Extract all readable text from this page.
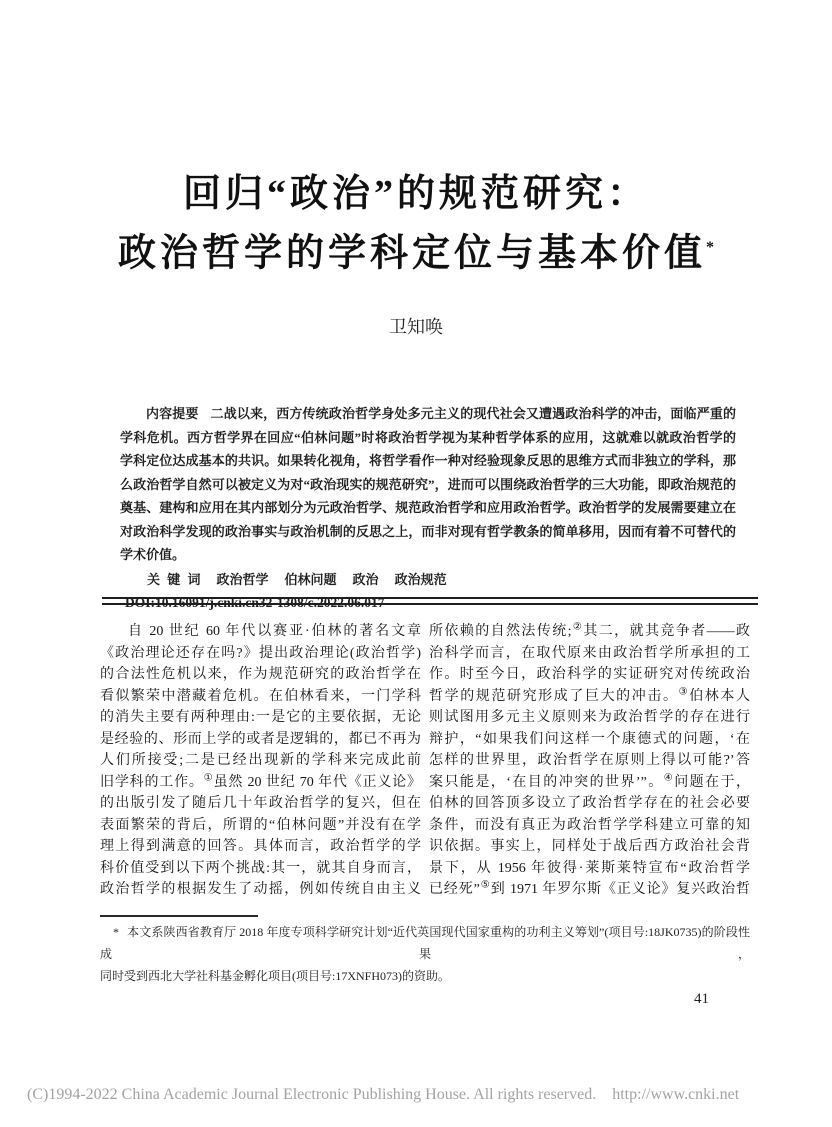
回归“政治”的规范研究：
政治哲学的学科定位与基本价值*
卫知唤
内容提要 二战以来，西方传统政治哲学身处多元主义的现代社会又遭遇政治科学的冲击，面临严重的
学科危机。西方哲学界在回应“伯林问题”时将政治哲学视为某种哲学体系的应用，这就难以就政治哲学的
学科定位达成基本的共识。如果转化视角，将哲学看作一种对经验现象反思的思维方式而非独立的学科，那
么政治哲学自然可以被定义为对“政治现实的规范研究”，进而可以围绕政治哲学的三大功能，即政治规范的
奠基、建构和应用在其内部划分为元政治哲学、规范政治哲学和应用政治哲学。政治哲学的发展需要建立在
对政治科学发现的政治事实与政治机制的反思之上，而非对现有哲学教条的简单移用，因而有着不可替代的
学术价值。
关 键 词 政治哲学 伯林问题 政治 政治规范
DOI:10.16091/j.cnki.cn32-1308/c.2022.06.017
自 20 世纪 60 年代以赛亚·伯林的著名文章
《政治理论还存在吗?》提出政治理论(政治哲学)
的合法性危机以来，作为规范研究的政治哲学在
看似繁荣中潜藏着危机。在伯林看来，一门学科
的消失主要有两种理由:一是它的主要依据，无论
是经验的、形而上学的或者是逻辑的，都已不再为
人们所接受;二是已经出现新的学科来完成此前
旧学科的工作。①虽然 20 世纪 70 年代《正义论》
的出版引发了随后几十年政治哲学的复兴，但在
表面繁荣的背后，所谓的“伯林问题”并没有在学
理上得到满意的回答。具体而言，政治哲学的学
科价值受到以下两个挑战:其一，就其自身而言，
政治哲学的根据发生了动摇，例如传统自由主义
所依赖的自然法传统;②其二，就其竞争者——政
治科学而言，在取代原来由政治哲学所承担的工
作。时至今日，政治科学的实证研究对传统政治
哲学的规范研究形成了巨大的冲击。③伯林本人
则试图用多元主义原则来为政治哲学的存在进行
辩护，“如果我们问这样一个康德式的问题，‘在
怎样的世界里，政治哲学在原则上得以可能?’答
案只能是，‘在目的冲突的世界’”。④问题在于，
伯林的回答顶多设立了政治哲学存在的社会必要
条件，而没有真正为政治哲学学科建立可靠的知
识依据。事实上，同样处于战后西方政治社会背
景下，从 1956 年彼得·莱斯莱特宣布“政治哲学
已经死”⑤到 1971 年罗尔斯《正义论》复兴政治哲
* 本文系陕西省教育厅 2018 年度专项科学研究计划“近代英国现代国家重构的功利主义筹划”(项目号:18JK0735)的阶段性成果，
同时受到西北大学社科基金孵化项目(项目号:17XNFH073)的资助。
41
(C)1994-2022 China Academic Journal Electronic Publishing House. All rights reserved.    http://www.cnki.net
